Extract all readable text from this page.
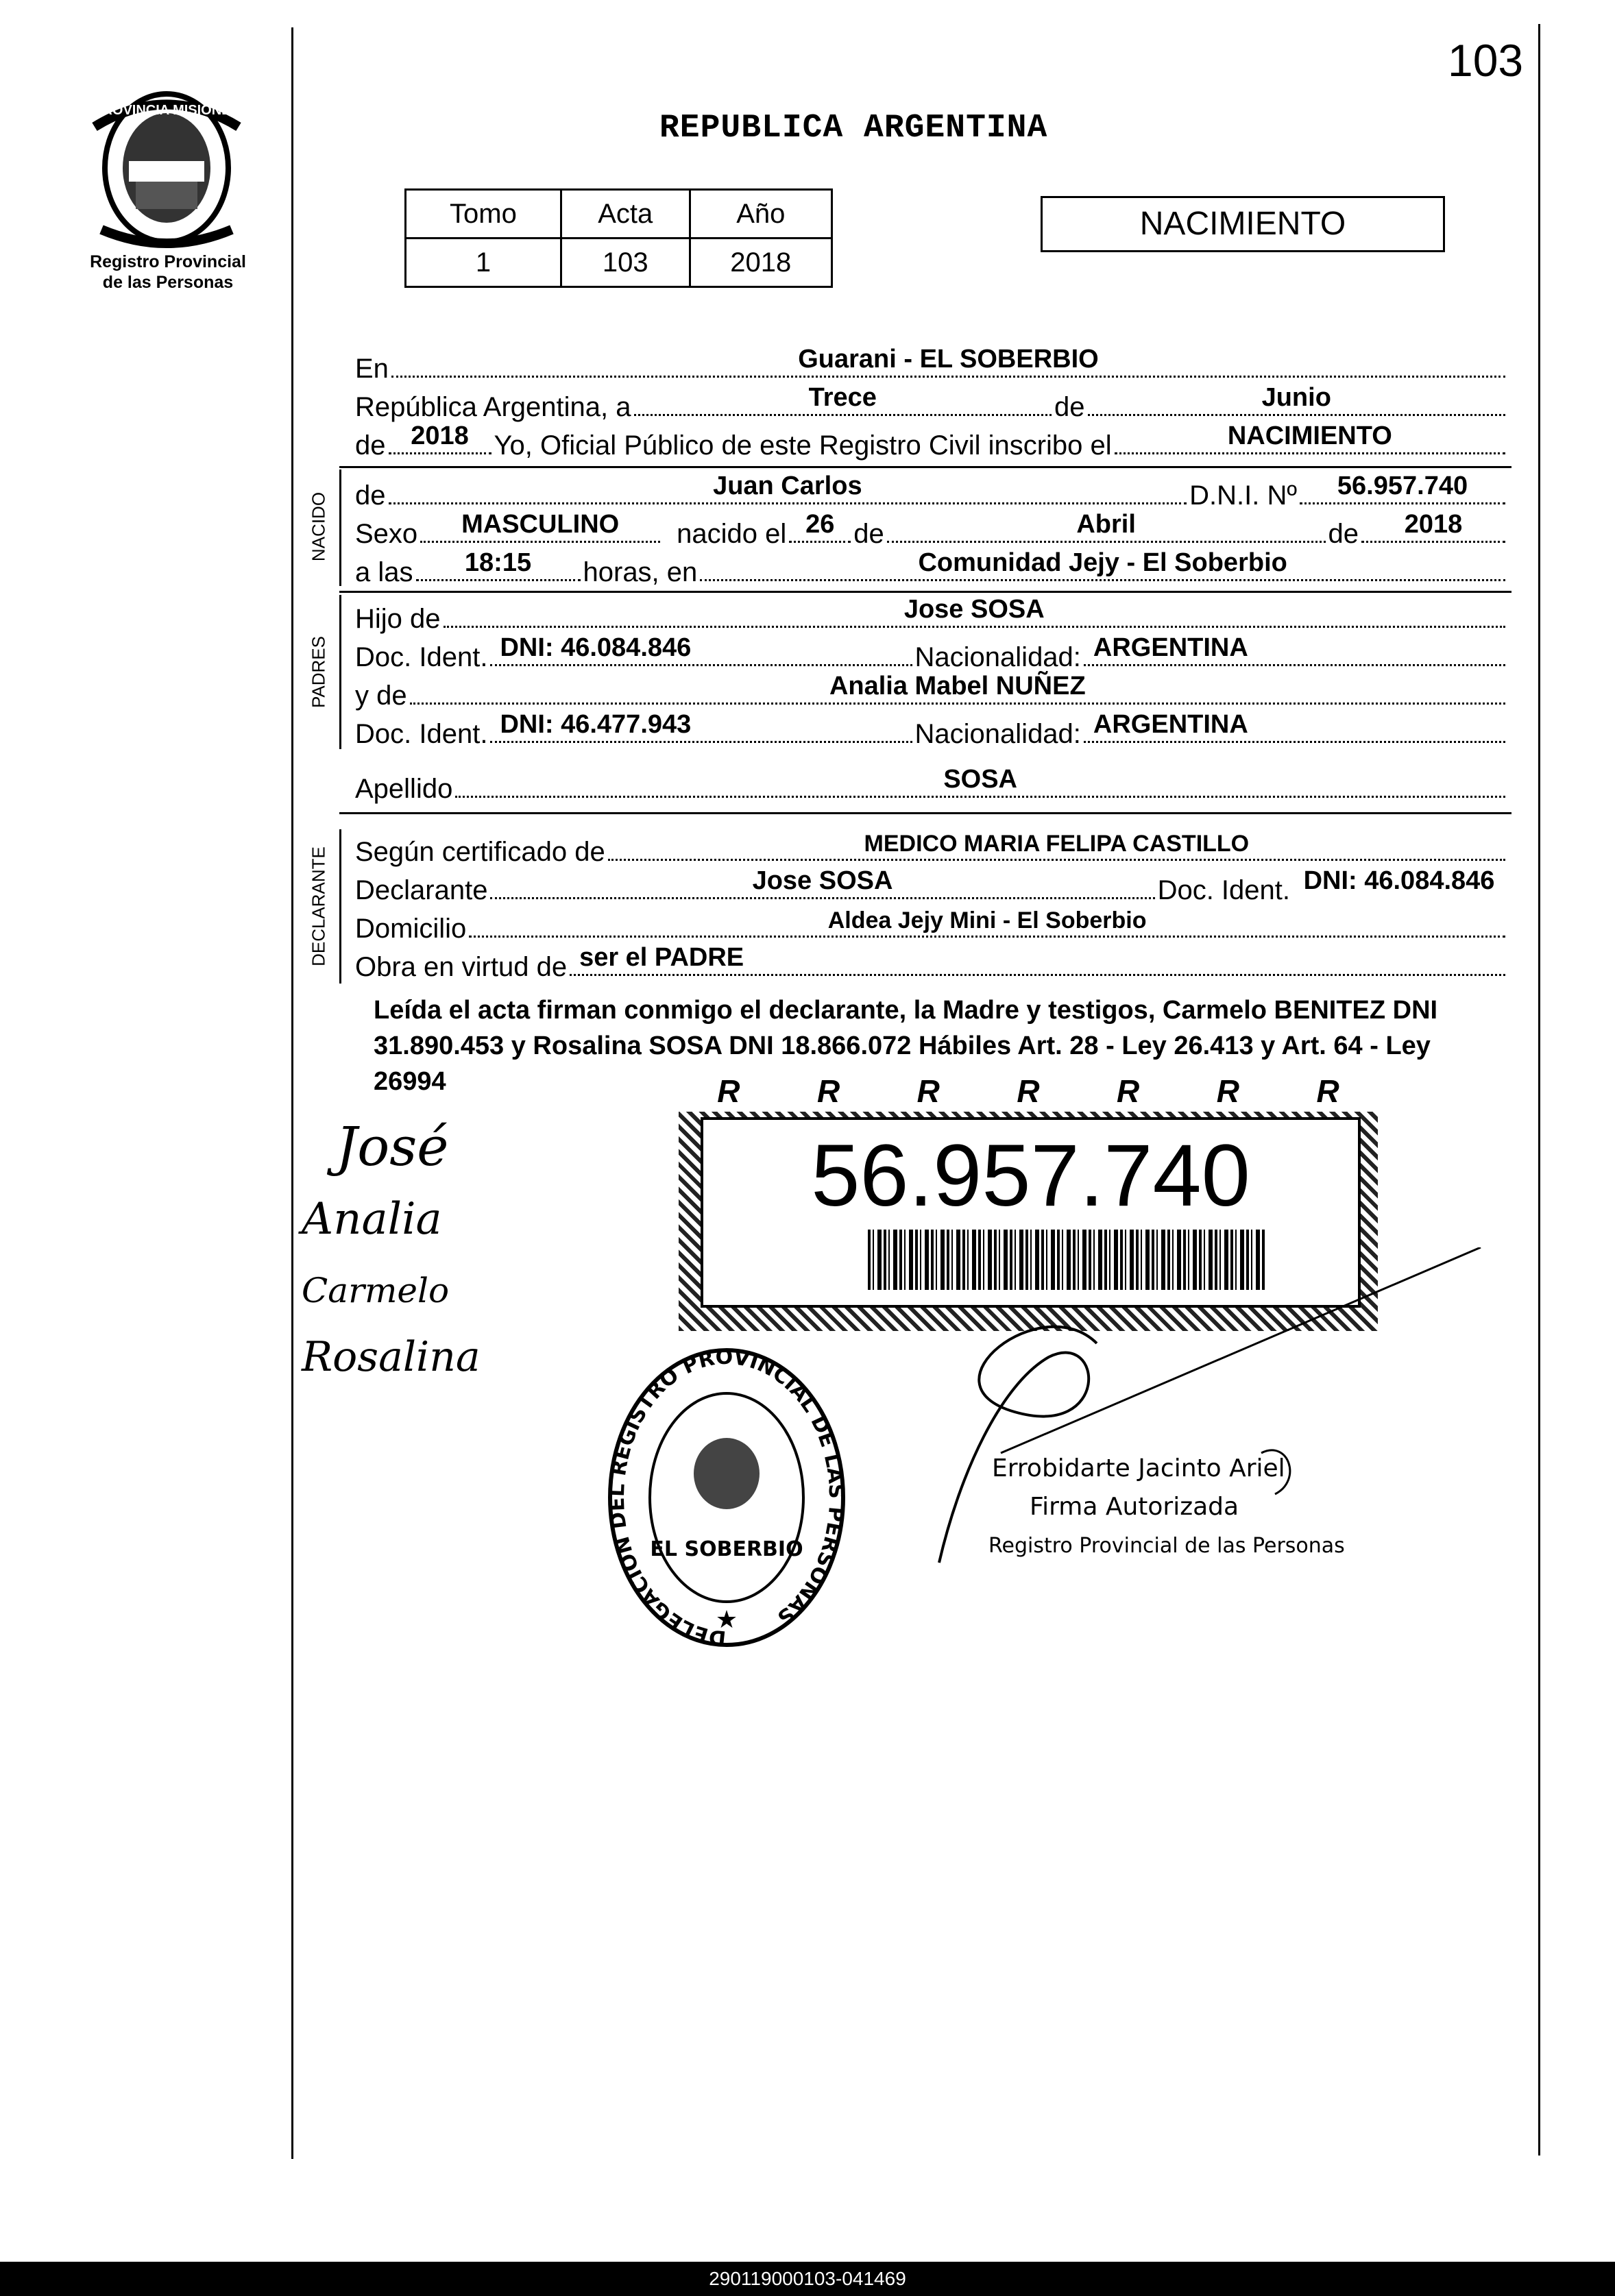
PROVINCIA MISIONES
Registro Provincial
de las Personas
103
REPUBLICA ARGENTINA
Tomo	Acta	Año
1	103	2018
NACIMIENTO
En	Guarani - EL SOBERBIO
República Argentina, a	Trece	de	Junio
de 2018 Yo, Oficial Público de este Registro Civil inscribo el	NACIMIENTO
NACIDO de	Juan Carlos	D.N.I. Nº	56.957.740
Sexo	MASCULINO	nacido el 26 de	Abril	de	2018
a las	18:15	horas, en	Comunidad Jejy - El Soberbio
PADRES
Hijo de	Jose SOSA
Doc. Ident. DNI: 46.084.846	Nacionalidad: ARGENTINA
y de	Analia Mabel NUÑEZ
Doc. Ident. DNI: 46.477.943	Nacionalidad: ARGENTINA
Apellido	SOSA
DECLARANTE Según certificado de	MEDICO MARIA FELIPA CASTILLO
Declarante	Jose SOSA	Doc. Ident. DNI: 46.084.846
Domicilio	Aldea Jejy Mini - El Soberbio
Obra en virtud de ser el PADRE
Leída el acta firman conmigo el declarante, la Madre y testigos, Carmelo BENITEZ DNI 31.890.453 y Rosalina SOSA DNI 18.866.072 Hábiles Art. 28 - Ley 26.413 y Art. 64 - Ley 26994	R R R R R R R
56.957.740
José
Analia
Carmelo
Rosalina
DELEGACION DEL REGISTRO PROVINCIAL DE LAS PERSONAS
EL SOBERBIO
★
Errobidarte Jacinto Ariel
Firma Autorizada
Registro Provincial de las Personas
290119000103-041469
